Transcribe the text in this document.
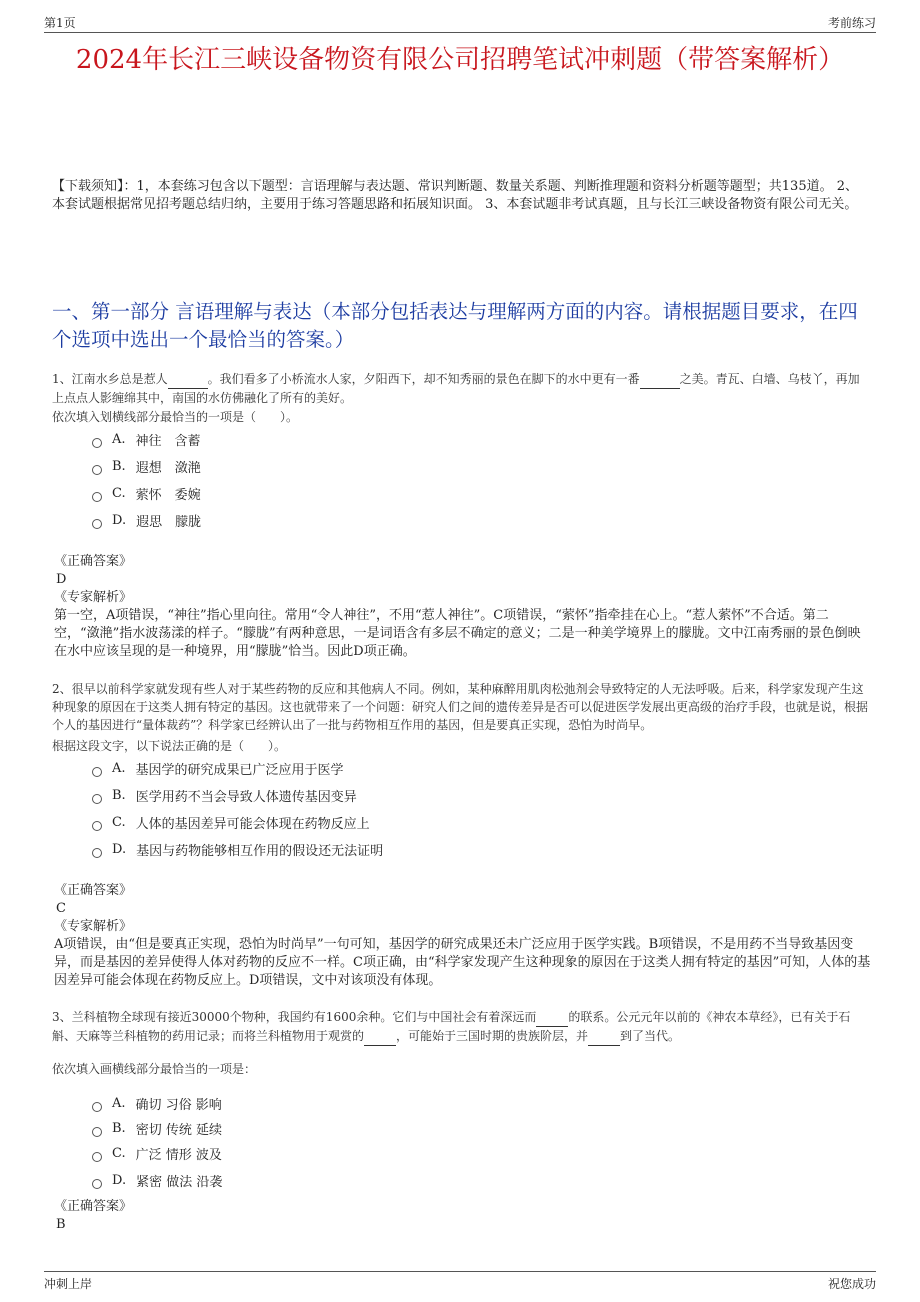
第1页	考前练习
2024年长江三峡设备物资有限公司招聘笔试冲刺题（带答案解析）
【下载须知】：1，本套练习包含以下题型：言语理解与表达题、常识判断题、数量关系题、判断推理题和资料分析题等题型；共135道。 2、本套试题根据常见招考题总结归纳，主要用于练习答题思路和拓展知识面。 3、本套试题非考试真题，且与长江三峡设备物资有限公司无关。
一、第一部分 言语理解与表达（本部分包括表达与理解两方面的内容。请根据题目要求，在四个选项中选出一个最恰当的答案。）
1、江南水乡总是惹人	。我们看多了小桥流水人家，夕阳西下，却不知秀丽的景色在脚下的水中更有一番	之美。青瓦、白墙、乌枝丫，再加上点点人影缠绵其中，南国的水仿佛融化了所有的美好。
依次填入划横线部分最恰当的一项是（　　）。
A. 神往　含蓄
B. 遐想　潋滟
C. 萦怀　委婉
D. 遐思　朦胧
《正确答案》
D
《专家解析》
第一空，A项错误，“神往”指心里向往。常用“令人神往”，不用“惹人神往”。C项错误，“萦怀”指牵挂在心上。“惹人萦怀”不合适。第二空，“潋滟”指水波荡漾的样子。“朦胧”有两种意思，一是词语含有多层不确定的意义；二是一种美学境界上的朦胧。文中江南秀丽的景色倒映在水中应该呈现的是一种境界，用“朦胧”恰当。因此D项正确。
2、很早以前科学家就发现有些人对于某些药物的反应和其他病人不同。例如，某种麻醉用肌肉松弛剂会导致特定的人无法呼吸。后来，科学家发现产生这种现象的原因在于这类人拥有特定的基因。这也就带来了一个问题：研究人们之间的遗传差异是否可以促进医学发展出更高级的治疗手段，也就是说，根据个人的基因进行“量体裁药”？科学家已经辨认出了一批与药物相互作用的基因，但是要真正实现，恐怕为时尚早。
根据这段文字，以下说法正确的是（　　）。
A. 基因学的研究成果已广泛应用于医学
B. 医学用药不当会导致人体遗传基因变异
C. 人体的基因差异可能会体现在药物反应上
D. 基因与药物能够相互作用的假设还无法证明
《正确答案》
C
《专家解析》
A项错误，由“但是要真正实现，恐怕为时尚早”一句可知，基因学的研究成果还未广泛应用于医学实践。B项错误，不是用药不当导致基因变异，而是基因的差异使得人体对药物的反应不一样。C项正确，由“科学家发现产生这种现象的原因在于这类人拥有特定的基因”可知，人体的基因差异可能会体现在药物反应上。D项错误，文中对该项没有体现。
3、兰科植物全球现有接近30000个物种，我国约有1600余种。它们与中国社会有着深远而	的联系。公元元年以前的《神农本草经》，已有关于石斛、天麻等兰科植物的药用记录；而将兰科植物用于观赏的	，可能始于三国时期的贵族阶层，并	到了当代。
依次填入画横线部分最恰当的一项是：
A. 确切 习俗 影响
B. 密切 传统 延续
C. 广泛 情形 波及
D. 紧密 做法 沿袭
《正确答案》
B
冲刺上岸	祝您成功
